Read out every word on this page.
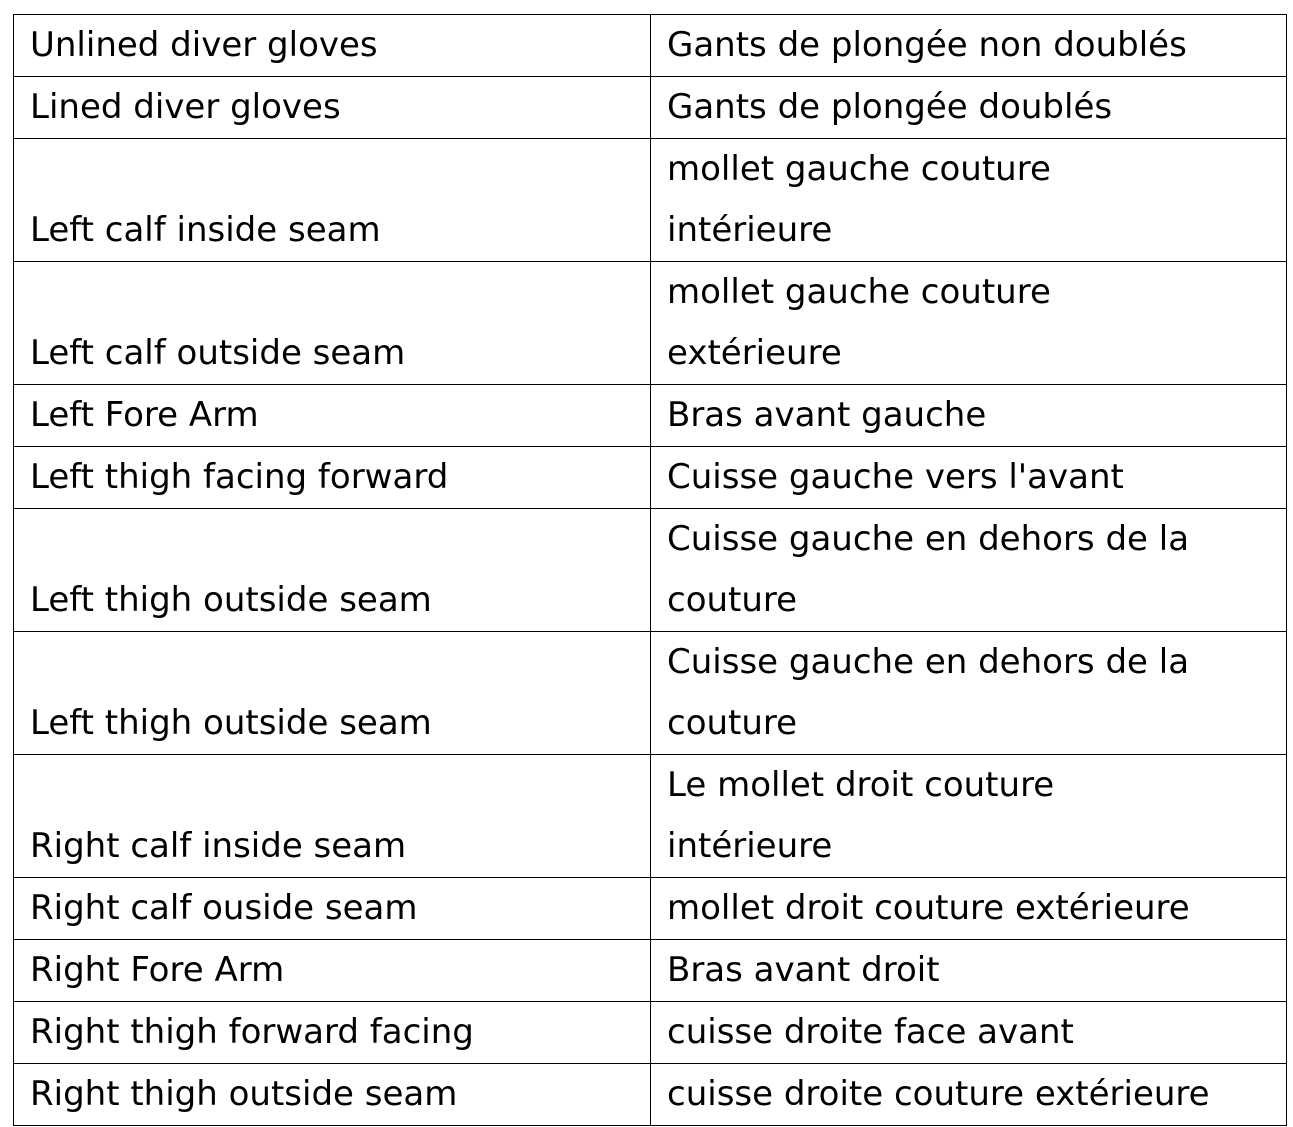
Unlined diver gloves	Gants de plongée non doublés

Lined diver gloves	Gants de plongée doublés

Left calf inside seam	mollet gauche couture
intérieure

Left calf outside seam	mollet gauche couture
extérieure

Left Fore Arm	Bras avant gauche

Left thigh facing forward	Cuisse gauche vers l'avant

Left thigh outside seam	Cuisse gauche en dehors de la
couture

Left thigh outside seam	Cuisse gauche en dehors de la
couture

Right calf inside seam	Le mollet droit couture
intérieure

Right calf ouside seam	mollet droit couture extérieure

Right Fore Arm	Bras avant droit

Right thigh forward facing	cuisse droite face avant

Right thigh outside seam	cuisse droite couture extérieure
